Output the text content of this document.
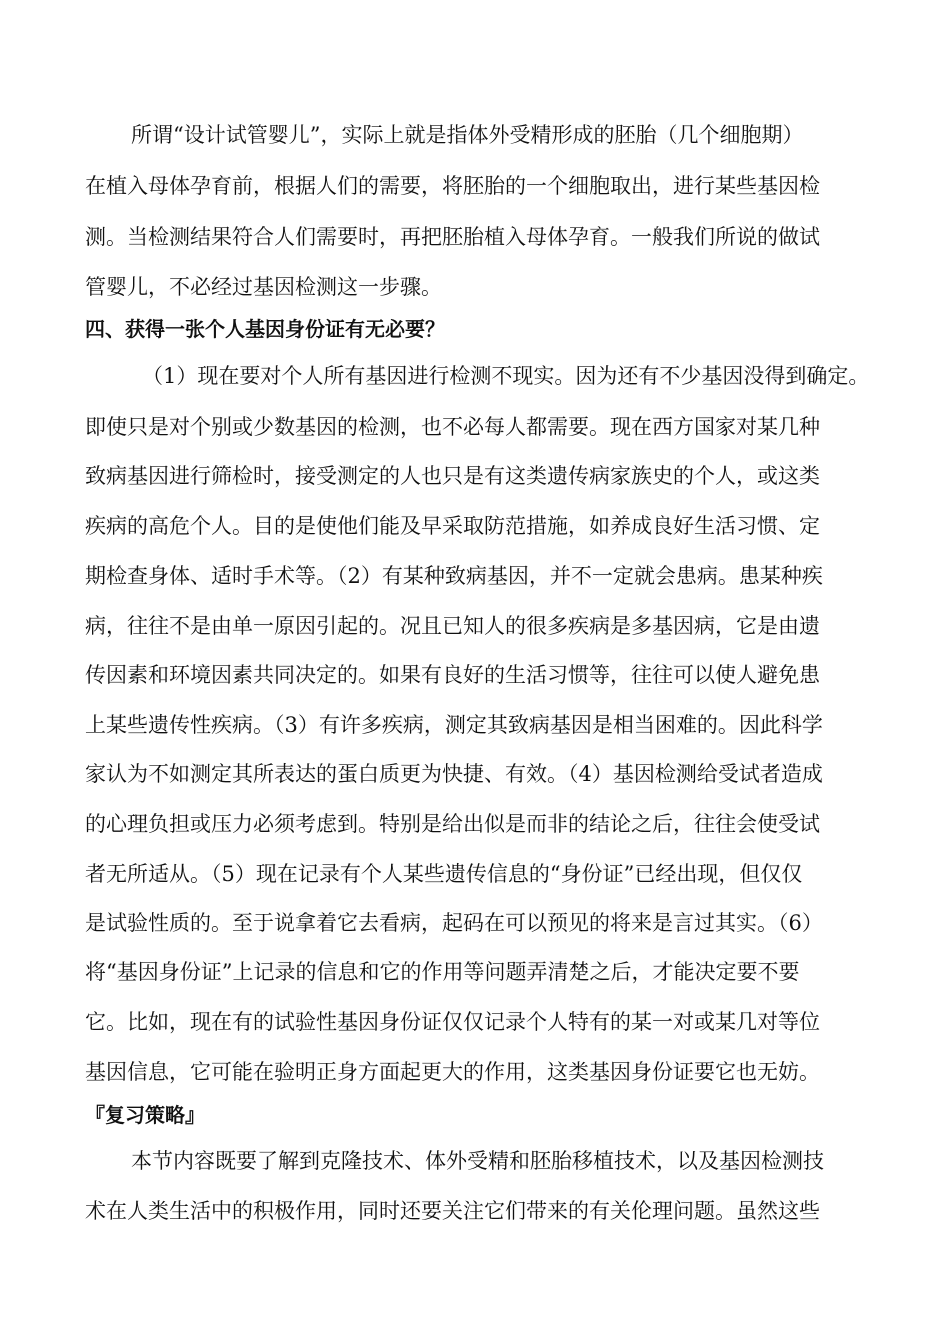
所谓“设计试管婴儿”，实际上就是指体外受精形成的胚胎（几个细胞期）
在植入母体孕育前，根据人们的需要，将胚胎的一个细胞取出，进行某些基因检
测。当检测结果符合人们需要时，再把胚胎植入母体孕育。一般我们所说的做试
管婴儿，不必经过基因检测这一步骤。
四、获得一张个人基因身份证有无必要？
（1）现在要对个人所有基因进行检测不现实。因为还有不少基因没得到确定。
即使只是对个别或少数基因的检测，也不必每人都需要。现在西方国家对某几种
致病基因进行筛检时，接受测定的人也只是有这类遗传病家族史的个人，或这类
疾病的高危个人。目的是使他们能及早采取防范措施，如养成良好生活习惯、定
期检查身体、适时手术等。（2）有某种致病基因，并不一定就会患病。患某种疾
病，往往不是由单一原因引起的。况且已知人的很多疾病是多基因病，它是由遗
传因素和环境因素共同决定的。如果有良好的生活习惯等，往往可以使人避免患
上某些遗传性疾病。（3）有许多疾病，测定其致病基因是相当困难的。因此科学
家认为不如测定其所表达的蛋白质更为快捷、有效。（4）基因检测给受试者造成
的心理负担或压力必须考虑到。特别是给出似是而非的结论之后，往往会使受试
者无所适从。（5）现在记录有个人某些遗传信息的“身份证”已经出现，但仅仅
是试验性质的。至于说拿着它去看病，起码在可以预见的将来是言过其实。（6）
将“基因身份证”上记录的信息和它的作用等问题弄清楚之后，才能决定要不要
它。比如，现在有的试验性基因身份证仅仅记录个人特有的某一对或某几对等位
基因信息，它可能在验明正身方面起更大的作用，这类基因身份证要它也无妨。
『复习策略』
本节内容既要了解到克隆技术、体外受精和胚胎移植技术，以及基因检测技
术在人类生活中的积极作用，同时还要关注它们带来的有关伦理问题。虽然这些
